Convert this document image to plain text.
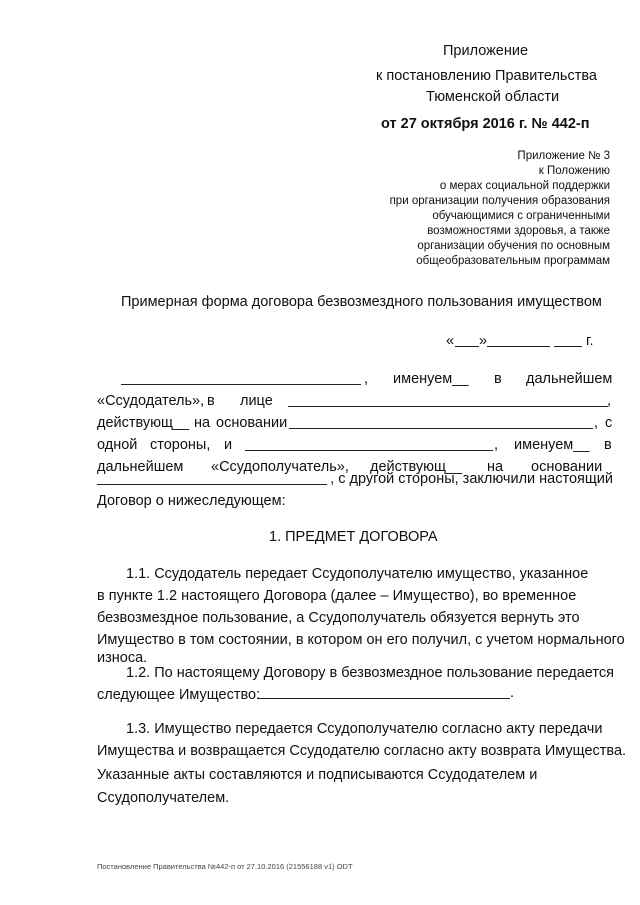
Приложение
к постановлению Правительства
Тюменской области
от 27 октября 2016 г. № 442-п
Приложение № 3
к Положению
о мерах социальной поддержки
при организации получения образования
обучающимися с ограниченными
возможностями здоровья, а также
организации обучения по основным
общеобразовательным программам
Примерная форма договора безвозмездного пользования имуществом
« »	г.
, именуем__ в дальнейшем
«Ссудодатель», в лице	,
действующ__ на основании	, с
одной стороны, и	, именуем__ в
дальнейшем «Ссудополучатель», действующ__ на основании
, с другой стороны, заключили настоящий
Договор о нижеследующем:
1. ПРЕДМЕТ ДОГОВОРА
1.1. Ссудодатель передает Ссудополучателю имущество, указанное
в пункте 1.2 настоящего Договора (далее – Имущество), во временное
безвозмездное пользование, а Ссудополучатель обязуется вернуть это
Имущество в том состоянии, в котором он его получил, с учетом нормального
износа.
1.2. По настоящему Договору в безвозмездное пользование передается
следующее Имущество:	.
1.3. Имущество передается Ссудополучателю согласно акту передачи
Имущества и возвращается Ссудодателю согласно акту возврата Имущества.
Указанные акты составляются и подписываются Ссудодателем и
Ссудополучателем.
Постановление Правительства №442-п от 27.10.2016 (21556188 v1) ODT
